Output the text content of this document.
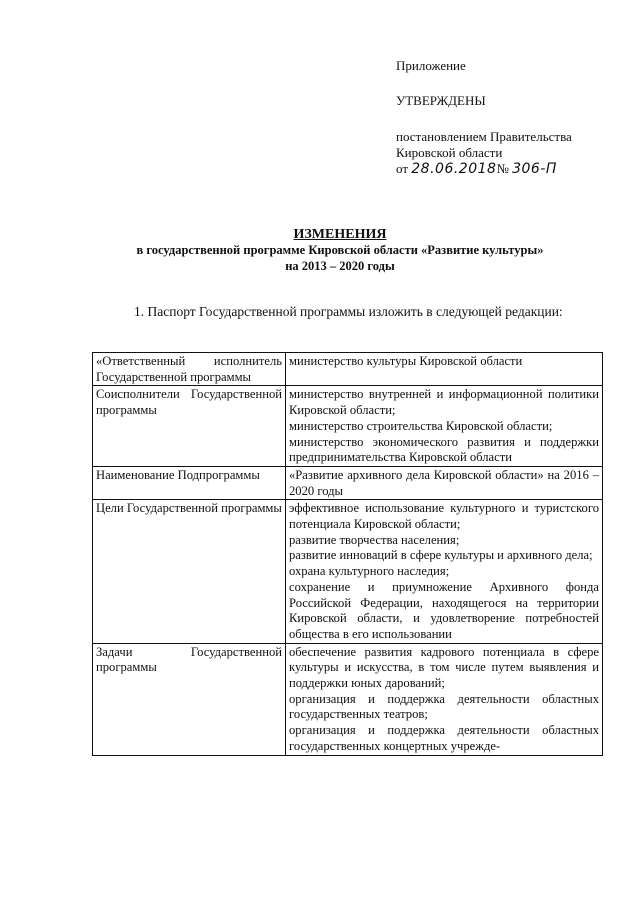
Приложение
УТВЕРЖДЕНЫ
постановлением Правительства
Кировской области
от 28.06.2018№ 306-П
ИЗМЕНЕНИЯ
в государственной программе Кировской области «Развитие культуры»
на 2013 – 2020 годы
1. Паспорт Государственной программы изложить в следующей редакции:
«Ответственный исполнитель Государственной программы	министерство культуры Кировской области

Соисполнители Государственной программы	министерство внутренней и информационной политики Кировской области;
министерство строительства Кировской области;
министерство экономического развития и поддержки предпринимательства Кировской области

Наименование Подпрограммы	«Развитие архивного дела Кировской области» на 2016 – 2020 годы

Цели Государственной программы	эффективное использование культурного и туристского потенциала Кировской области;
развитие творчества населения;
развитие инноваций в сфере культуры и архивного дела;
охрана культурного наследия;
сохранение и приумножение Архивного фонда Российской Федерации, находящегося на территории Кировской области, и удовлетворение потребностей общества в его использовании

Задачи Государственной программы	обеспечение развития кадрового потенциала в сфере культуры и искусства, в том числе путем выявления и поддержки юных дарований;
организация и поддержка деятельности областных государственных театров;
организация и поддержка деятельности областных государственных концертных учрежде-
